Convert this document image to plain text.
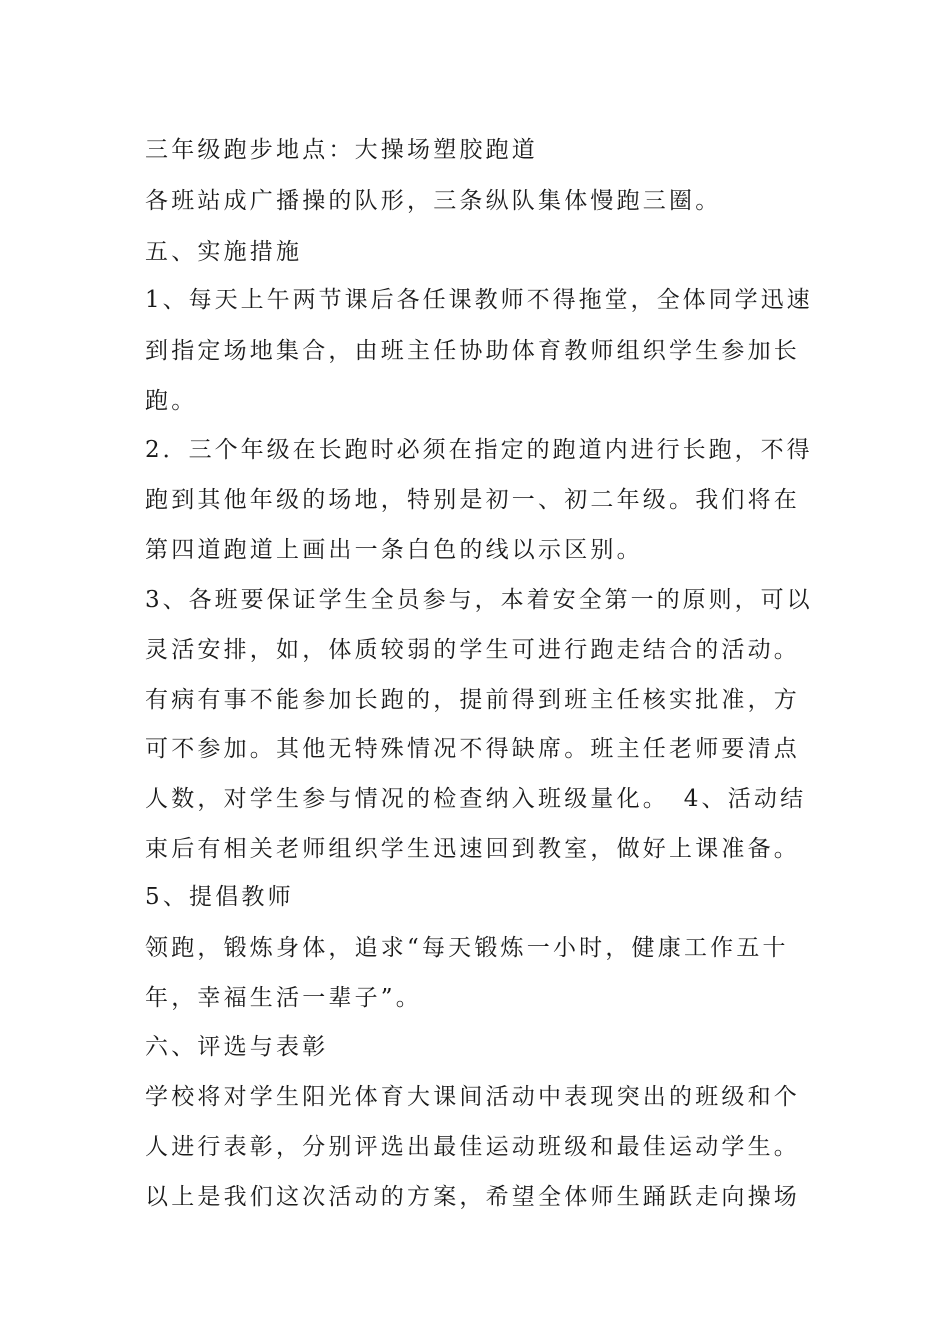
三年级跑步地点：大操场塑胶跑道
各班站成广播操的队形，三条纵队集体慢跑三圈。
五、实施措施
1、每天上午两节课后各任课教师不得拖堂，全体同学迅速
到指定场地集合，由班主任协助体育教师组织学生参加长
跑。
2．三个年级在长跑时必须在指定的跑道内进行长跑，不得
跑到其他年级的场地，特别是初一、初二年级。我们将在
第四道跑道上画出一条白色的线以示区别。
3、各班要保证学生全员参与，本着安全第一的原则，可以
灵活安排，如，体质较弱的学生可进行跑走结合的活动。
有病有事不能参加长跑的，提前得到班主任核实批准，方
可不参加。其他无特殊情况不得缺席。班主任老师要清点
人数，对学生参与情况的检查纳入班级量化。　4、活动结
束后有相关老师组织学生迅速回到教室，做好上课准备。
5、提倡教师
领跑，锻炼身体，追求“每天锻炼一小时，健康工作五十
年，幸福生活一辈子”。
六、评选与表彰
学校将对学生阳光体育大课间活动中表现突出的班级和个
人进行表彰，分别评选出最佳运动班级和最佳运动学生。
以上是我们这次活动的方案，希望全体师生踊跃走向操场
